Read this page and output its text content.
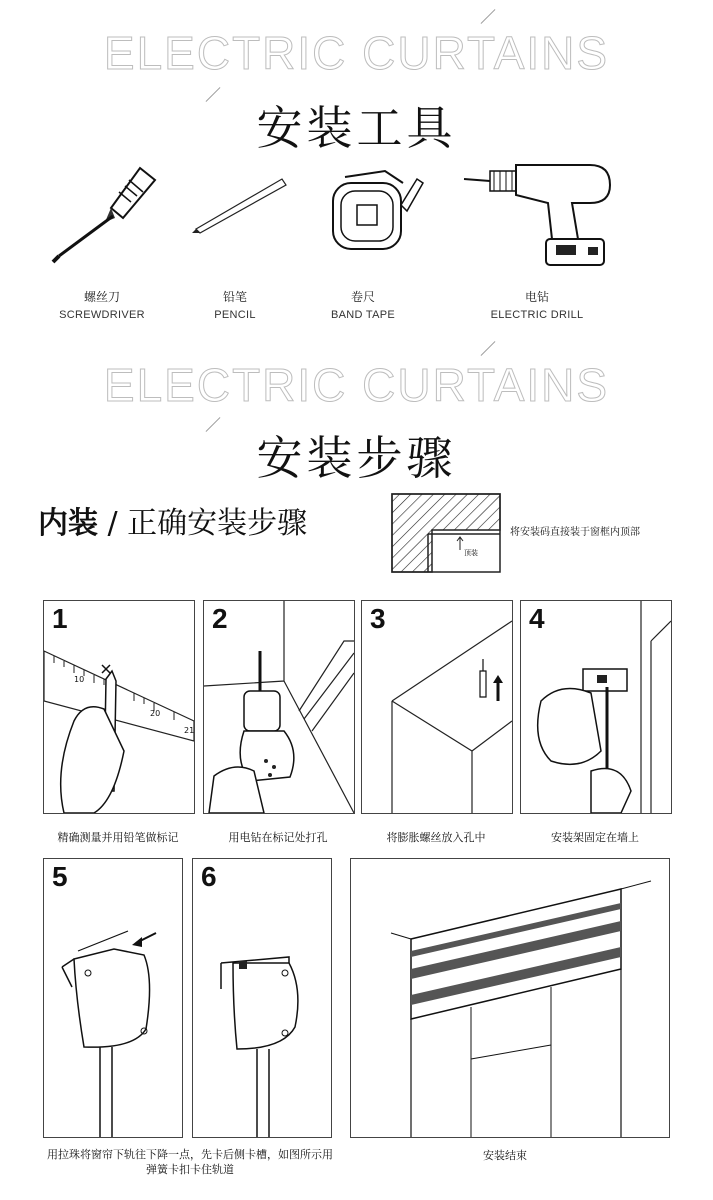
ELECTRIC CURTAINS
安装工具
螺丝刀
SCREWDRIVER
铅笔
PENCIL
卷尺
BAND TAPE
电钻
ELECTRIC DRILL
ELECTRIC CURTAINS
安装步骤
内装 / 正确安装步骤
顶装
将安装码直接装于窗框内顶部
1
10
20
21
2	3	4
精确测量并用铅笔做标记	用电钻在标记处打孔	将膨胀螺丝放入孔中	安装架固定在墙上
5	6
用拉珠将窗帘下轨往下降一点，先卡后侧卡槽，如图所示用弹簧卡扣卡住轨道
安装结束
